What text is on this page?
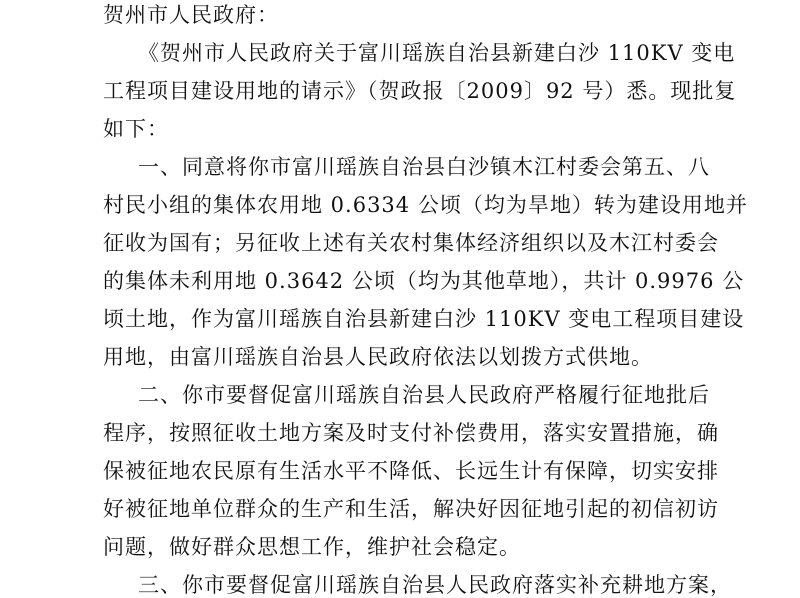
贺州市人民政府：
《贺州市人民政府关于富川瑶族自治县新建白沙 110KV 变电
工程项目建设用地的请示》（贺政报〔2009〕92 号）悉。现批复
如下：
一、同意将你市富川瑶族自治县白沙镇木江村委会第五、八
村民小组的集体农用地 0.6334 公顷（均为旱地）转为建设用地并
征收为国有；另征收上述有关农村集体经济组织以及木江村委会
的集体未利用地 0.3642 公顷（均为其他草地），共计 0.9976 公
顷土地，作为富川瑶族自治县新建白沙 110KV 变电工程项目建设
用地，由富川瑶族自治县人民政府依法以划拨方式供地。
二、你市要督促富川瑶族自治县人民政府严格履行征地批后
程序，按照征收土地方案及时支付补偿费用，落实安置措施，确
保被征地农民原有生活水平不降低、长远生计有保障，切实安排
好被征地单位群众的生产和生活，解决好因征地引起的初信初访
问题，做好群众思想工作，维护社会稳定。
三、你市要督促富川瑶族自治县人民政府落实补充耕地方案，
